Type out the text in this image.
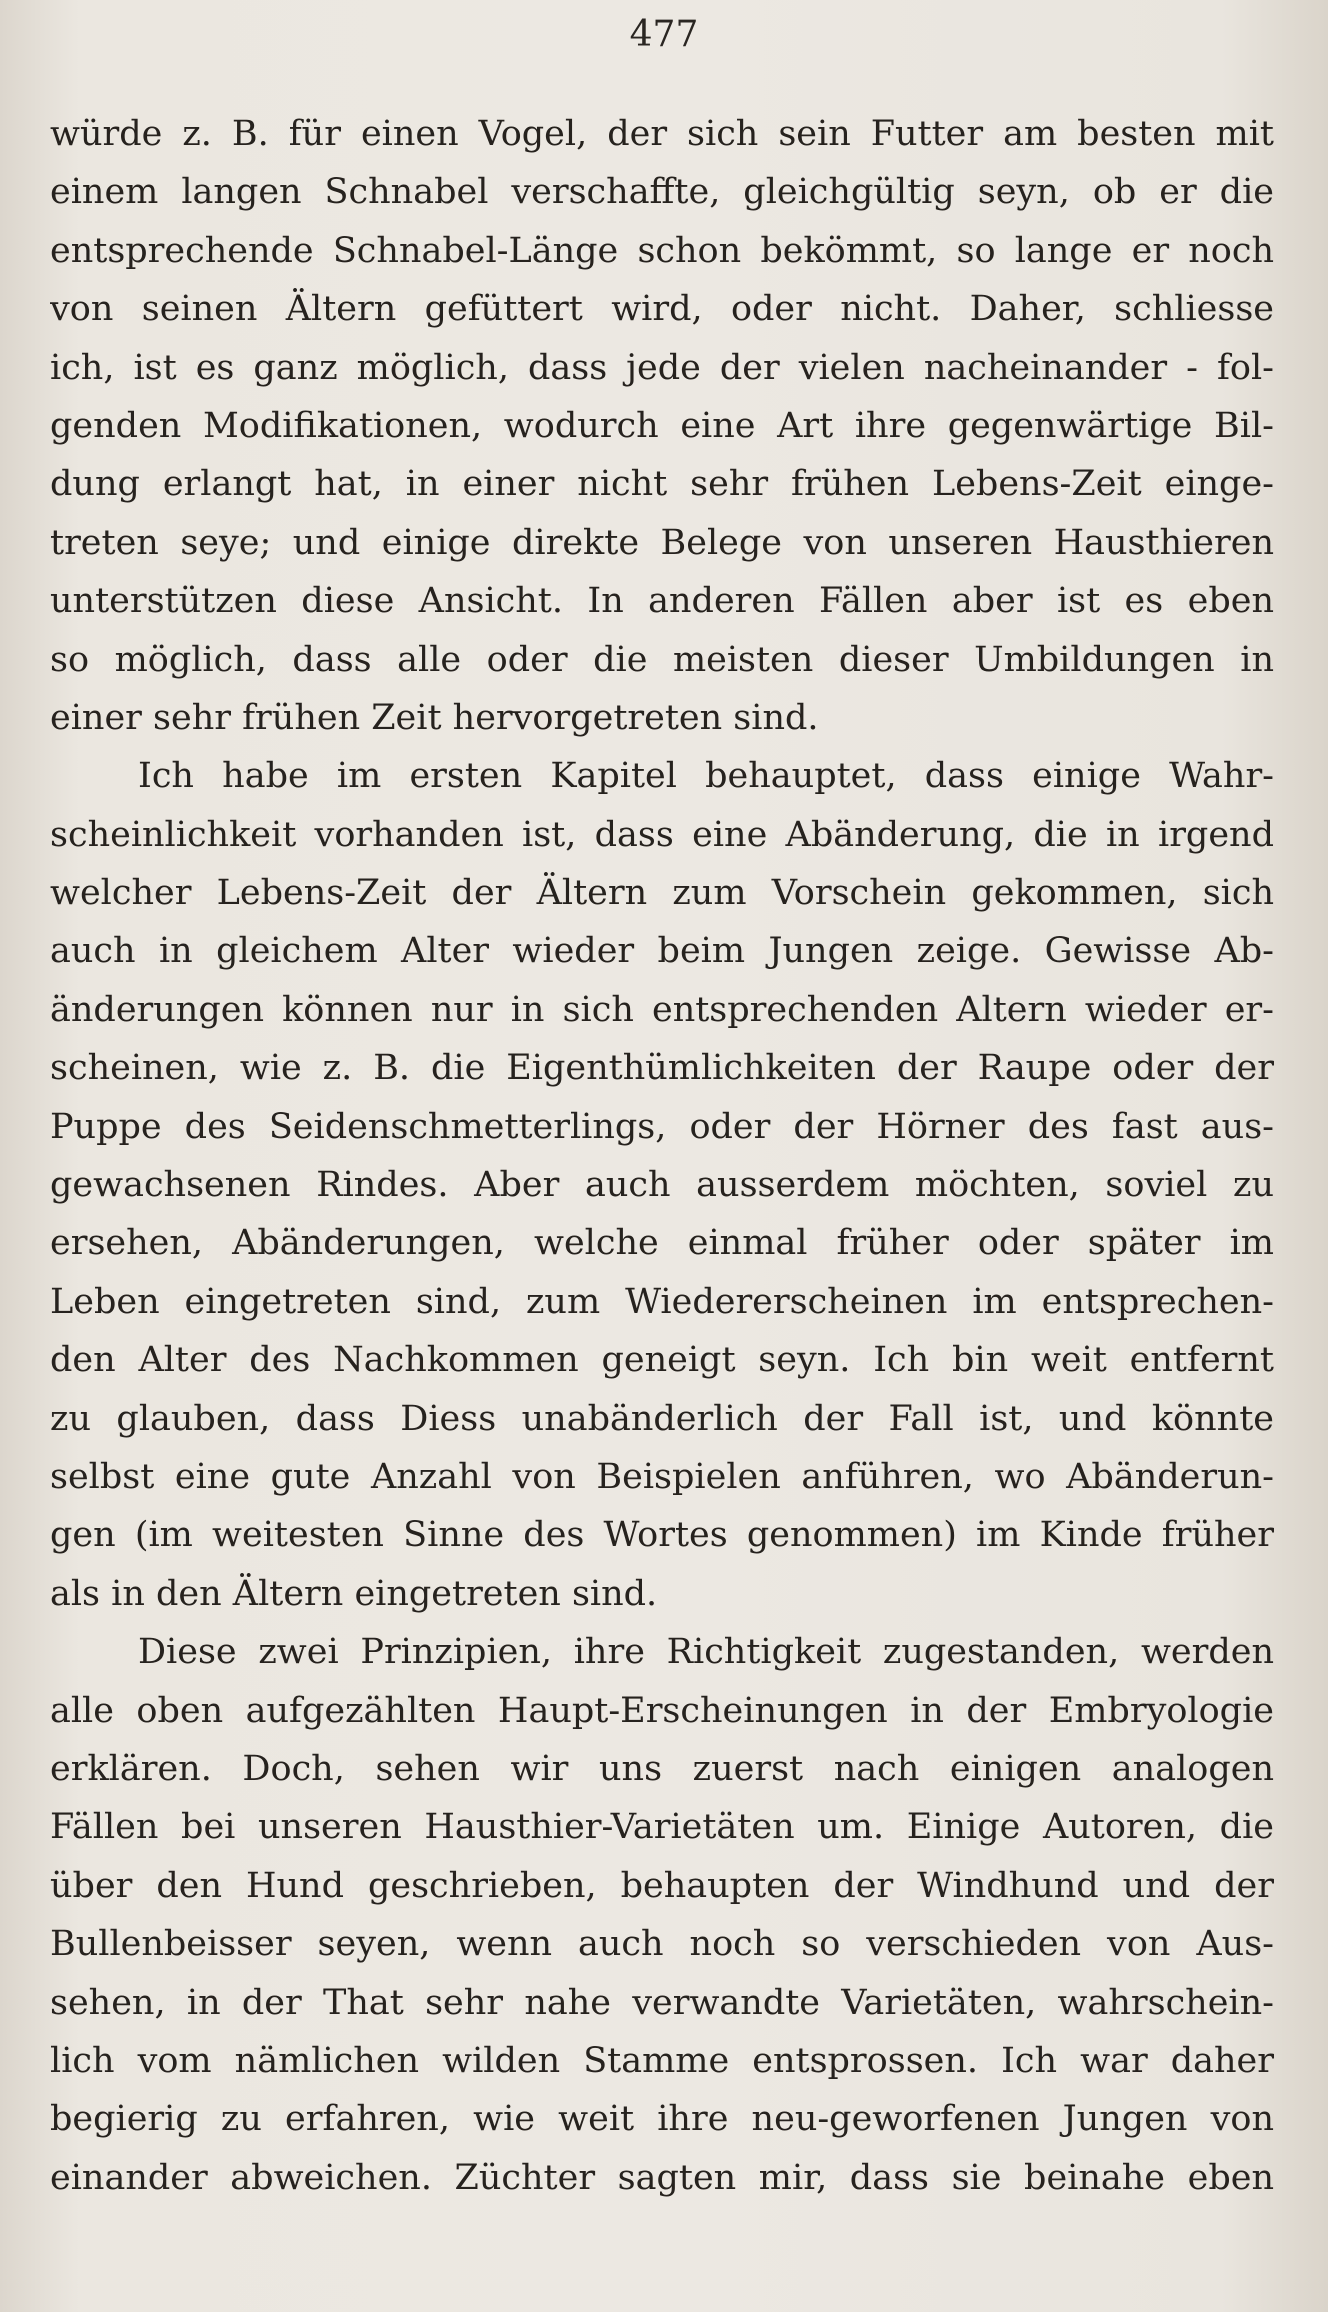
477
würde z. B. für einen Vogel, der sich sein Futter am besten mit
einem langen Schnabel verschaffte, gleichgültig seyn, ob er die
entsprechende Schnabel-Länge schon bekömmt, so lange er noch
von seinen Ältern gefüttert wird, oder nicht. Daher, schliesse
ich, ist es ganz möglich, dass jede der vielen nacheinander - fol-
genden Modifikationen, wodurch eine Art ihre gegenwärtige Bil-
dung erlangt hat, in einer nicht sehr frühen Lebens-Zeit einge-
treten seye; und einige direkte Belege von unseren Hausthieren
unterstützen diese Ansicht. In anderen Fällen aber ist es eben
so möglich, dass alle oder die meisten dieser Umbildungen in
einer sehr frühen Zeit hervorgetreten sind.
Ich habe im ersten Kapitel behauptet, dass einige Wahr-
scheinlichkeit vorhanden ist, dass eine Abänderung, die in irgend
welcher Lebens-Zeit der Ältern zum Vorschein gekommen, sich
auch in gleichem Alter wieder beim Jungen zeige. Gewisse Ab-
änderungen können nur in sich entsprechenden Altern wieder er-
scheinen, wie z. B. die Eigenthümlichkeiten der Raupe oder der
Puppe des Seidenschmetterlings, oder der Hörner des fast aus-
gewachsenen Rindes. Aber auch ausserdem möchten, soviel zu
ersehen, Abänderungen, welche einmal früher oder später im
Leben eingetreten sind, zum Wiedererscheinen im entsprechen-
den Alter des Nachkommen geneigt seyn. Ich bin weit entfernt
zu glauben, dass Diess unabänderlich der Fall ist, und könnte
selbst eine gute Anzahl von Beispielen anführen, wo Abänderun-
gen (im weitesten Sinne des Wortes genommen) im Kinde früher
als in den Ältern eingetreten sind.
Diese zwei Prinzipien, ihre Richtigkeit zugestanden, werden
alle oben aufgezählten Haupt-Erscheinungen in der Embryologie
erklären. Doch, sehen wir uns zuerst nach einigen analogen
Fällen bei unseren Hausthier-Varietäten um. Einige Autoren, die
über den Hund geschrieben, behaupten der Windhund und der
Bullenbeisser seyen, wenn auch noch so verschieden von Aus-
sehen, in der That sehr nahe verwandte Varietäten, wahrschein-
lich vom nämlichen wilden Stamme entsprossen. Ich war daher
begierig zu erfahren, wie weit ihre neu-geworfenen Jungen von
einander abweichen. Züchter sagten mir, dass sie beinahe eben
